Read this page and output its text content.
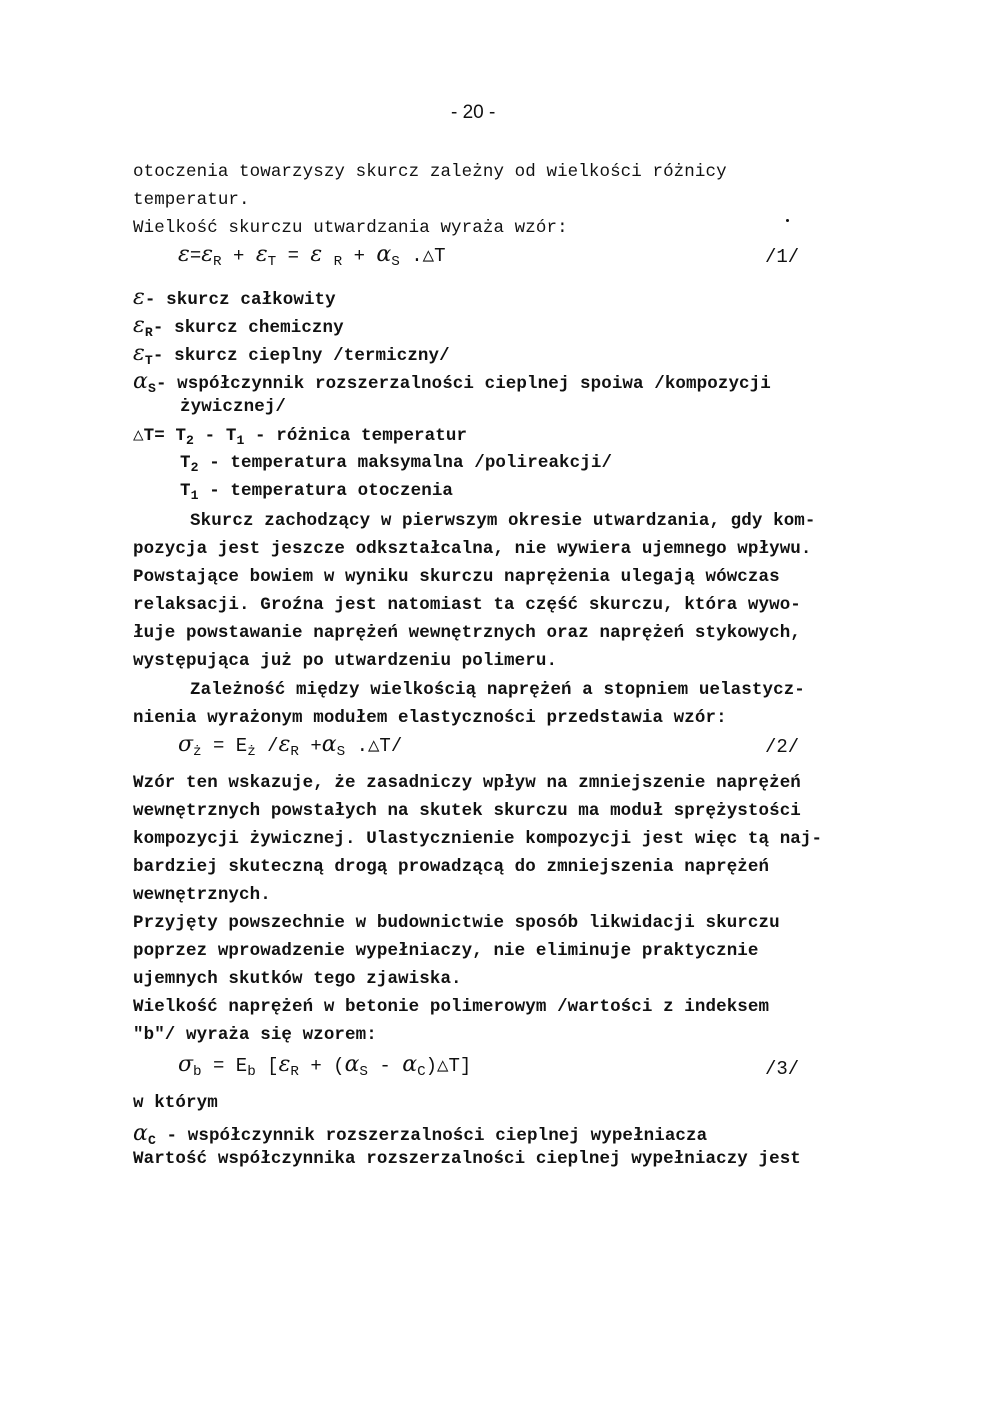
- 20 -
otoczenia towarzyszy skurcz zależny od wielkości różnicy
temperatur.
Wielkość skurczu utwardzania wyraża wzór:
$\varepsilon=\varepsilon_R + \varepsilon_T = \varepsilon$ $_R + \alpha_S$ .△T	/1/
ε- skurcz całkowity
$\varepsilon_R-$ skurcz chemiczny
$\varepsilon_T-$ skurcz cieplny /termiczny/
$\alpha_S-$ współczynnik rozszerzalności cieplnej spoiwa /kompozycji
żywicznej/
△T= $T_2 - T_1$ - różnica temperatur
$T_2$ - temperatura maksymalna /polireakcji/
$T_1$ - temperatura otoczenia
Skurcz zachodzący w pierwszym okresie utwardzania, gdy kom-
pozycja jest jeszcze odkształcalna, nie wywiera ujemnego wpływu.
Powstające bowiem w wyniku skurczu naprężenia ulegają wówczas
relaksacji. Groźna jest natomiast ta część skurczu, która wywo-
łuje powstawanie naprężeń wewnętrznych oraz naprężeń stykowych,
występująca już po utwardzeniu polimeru.
Zależność między wielkością naprężeń a stopniem uelastycz-
nienia wyrażonym modułem elastyczności przedstawia wzór:
$\sigma_ż = E_ż$ $/\varepsilon_R +\alpha_S$ .△T/	/2/
Wzór ten wskazuje, że zasadniczy wpływ na zmniejszenie naprężeń
wewnętrznych powstałych na skutek skurczu ma moduł sprężystości
kompozycji żywicznej. Ulastycznienie kompozycji jest więc tą naj-
bardziej skuteczną drogą prowadzącą do zmniejszenia naprężeń
wewnętrznych.
Przyjęty powszechnie w budownictwie sposób likwidacji skurczu
poprzez wprowadzenie wypełniaczy, nie eliminuje praktycznie
ujemnych skutków tego zjawiska.
Wielkość naprężeń w betonie polimerowym /wartości z indeksem
"b"/ wyraża się wzorem:
$\sigma_b = E_b$ [$\varepsilon_R + (\alpha_S$ - $\alpha_C)\triangle T$]	/3/
w którym
$\alpha_C$ - współczynnik rozszerzalności cieplnej wypełniacza
Wartość współczynnika rozszerzalności cieplnej wypełniaczy jest
